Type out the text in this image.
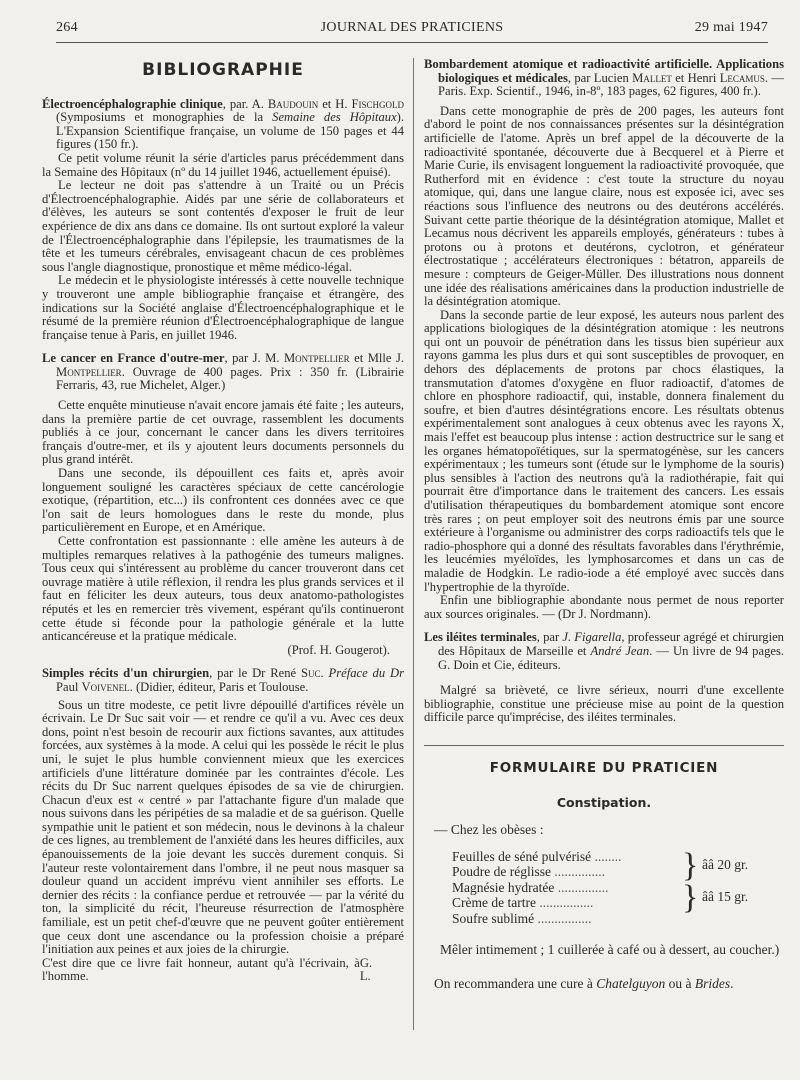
264	JOURNAL DES PRATICIENS	29 mai 1947
BIBLIOGRAPHIE

Électroencéphalographie clinique, par. A. Baudouin et H. Fischgold (Symposiums et monographies de la Semaine des Hôpitaux). L'Expansion Scientifique française, un volume de 150 pages et 44 figures (150 fr.).

Ce petit volume réunit la série d'articles parus précédemment dans la Semaine des Hôpitaux (nº du 14 juillet 1946, actuellement épuisé).

Le lecteur ne doit pas s'attendre à un Traité ou un Précis d'Électroencéphalographie. Aidés par une série de collaborateurs et d'élèves, les auteurs se sont contentés d'exposer le fruit de leur expérience de dix ans dans ce domaine. Ils ont surtout exploré la valeur de l'Électroencéphalographie dans l'épilepsie, les traumatismes de la tête et les tumeurs cérébrales, envisageant chacun de ces problèmes sous l'angle diagnostique, pronostique et même médico-légal.

Le médecin et le physiologiste intéressés à cette nouvelle technique y trouveront une ample bibliographie française et étrangère, des indications sur la Société anglaise d'Électroencéphalographique et le résumé de la première réunion d'Électroencéphalographique de langue française tenue à Paris, en juillet 1946.

Le cancer en France d'outre-mer, par J. M. Montpellier et Mlle J. Montpellier. Ouvrage de 400 pages. Prix : 350 fr. (Librairie Ferraris, 43, rue Michelet, Alger.)

Cette enquête minutieuse n'avait encore jamais été faite ; les auteurs, dans la première partie de cet ouvrage, rassemblent les documents publiés à ce jour, concernant le cancer dans les divers territoires français d'outre-mer, et ils y ajoutent leurs documents personnels du plus grand intérêt.

Dans une seconde, ils dépouillent ces faits et, après avoir longuement souligné les caractères spéciaux de cette cancérologie exotique, (répartition, etc...) ils confrontent ces données avec ce que l'on sait de leurs homologues dans le reste du monde, plus particulièrement en Europe, et en Amérique.

Cette confrontation est passionnante : elle amène les auteurs à de multiples remarques relatives à la pathogénie des tumeurs malignes. Tous ceux qui s'intéressent au problème du cancer trouveront dans cet ouvrage matière à utile réflexion, il rendra les plus grands services et il faut en féliciter les deux auteurs, tous deux anatomo-pathologistes réputés et les en remercier très vivement, espérant qu'ils continueront cette étude si féconde pour la pathologie générale et la lutte anticancéreuse et la pratique médicale.

(Prof. H. Gougerot).

Simples récits d'un chirurgien, par le Dr René Suc. Préface du Dr Paul Voivenel. (Didier, éditeur, Paris et Toulouse.

Sous un titre modeste, ce petit livre dépouillé d'artifices révèle un écrivain. Le Dr Suc sait voir — et rendre ce qu'il a vu. Avec ces deux dons, point n'est besoin de recourir aux fictions savantes, aux attitudes forcées, aux systèmes à la mode. A celui qui les possède le récit le plus uni, le sujet le plus humble conviennent mieux que les exercices artificiels d'une littérature dominée par les contraintes d'école. Les récits du Dr Suc narrent quelques épisodes de sa vie de chirurgien. Chacun d'eux est « centré » par l'attachante figure d'un malade que nous suivons dans les péripéties de sa maladie et de sa guérison. Quelle sympathie unit le patient et son médecin, nous le devinons à la chaleur de ces lignes, au tremblement de l'anxiété dans les heures difficiles, aux épanouissements de la joie devant les succès durement conquis. Si l'auteur reste volontairement dans l'ombre, il ne peut nous masquer sa douleur quand un accident imprévu vient annihiler ses efforts. Le dernier des récits : la confiance perdue et retrouvée — par la vérité du ton, la simplicité du récit, l'heureuse résurrection de l'atmosphère familiale, est un petit chef-d'œuvre que ne peuvent goûter entièrement que ceux dont une ascendance ou la profession choisie a préparé l'initiation aux peines et aux joies de la chirurgie.

C'est dire que ce livre fait honneur, autant qu'à l'écrivain, à l'homme.
G. L.

Bombardement atomique et radioactivité artificielle. Applications biologiques et médicales, par Lucien Mallet et Henri Lecamus. — Paris. Exp. Scientif., 1946, in-8º, 183 pages, 62 figures, 400 fr.).

Dans cette monographie de près de 200 pages, les auteurs font d'abord le point de nos connaissances présentes sur la désintégration artificielle de l'atome. Après un bref appel de la découverte de la radioactivité spontanée, découverte due à Becquerel et à Pierre et Marie Curie, ils envisagent longuement la radioactivité provoquée, que Rutherford mit en évidence : c'est toute la structure du noyau atomique, qui, dans une langue claire, nous est exposée ici, avec ses réactions sous l'influence des neutrons ou des deutérons accélérés. Suivant cette partie théorique de la désintégration atomique, Mallet et Lecamus nous décrivent les appareils employés, générateurs : tubes à protons ou à protons et deutérons, cyclotron, et générateur électrostatique ; accélérateurs électroniques : bétatron, appareils de mesure : compteurs de Geiger-Müller. Des illustrations nous donnent une idée des réalisations américaines dans la production industrielle de la désintégration atomique.

Dans la seconde partie de leur exposé, les auteurs nous parlent des applications biologiques de la désintégration atomique : les neutrons qui ont un pouvoir de pénétration dans les tissus bien supérieur aux rayons gamma les plus durs et qui sont susceptibles de provoquer, en dehors des déplacements de protons par chocs élastiques, la transmutation d'atomes d'oxygène en fluor radioactif, d'atomes de chlore en phosphore radioactif, qui, instable, donnera finalement du soufre, et bien d'autres désintégrations encore. Les résultats obtenus expérimentalement sont analogues à ceux obtenus avec les rayons X, mais l'effet est beaucoup plus intense : action destructrice sur le sang et les organes hématopoïétiques, sur la spermatogénèse, sur les cancers expérimentaux ; les tumeurs sont (étude sur le lymphome de la souris) plus sensibles à l'action des neutrons qu'à la radiothérapie, fait qui pourrait être d'importance dans le traitement des cancers. Les essais d'utilisation thérapeutiques du bombardement atomique sont encore très rares ; on peut employer soit des neutrons émis par une source extérieure à l'organisme ou administrer des corps radioactifs tels que le radio-phosphore qui a donné des résultats favorables dans l'érythrémie, les leucémies myéloïdes, les lymphosarcomes et dans un cas de maladie de Hodgkin. Le radio-iode a été employé avec succès dans l'hypertrophie de la thyroïde.

Enfin une bibliographie abondante nous permet de nous reporter aux sources originales. — (Dr J. Nordmann).

Les iléites terminales, par J. Figarella, professeur agrégé et chirurgien des Hôpitaux de Marseille et André Jean. — Un livre de 94 pages. G. Doin et Cie, éditeurs.

Malgré sa brièveté, ce livre sérieux, nourri d'une excellente bibliographie, constitue une précieuse mise au point de la question difficile parce qu'imprécise, des iléites terminales.

FORMULAIRE DU PRATICIEN
Constipation.

— Chez les obèses :

Feuilles de séné pulvérisé ........
Poudre de réglisse ...............
Magnésie hydratée ...............
Crème de tartre ................
Soufre sublimé ................
} ââ 20 gr.
} ââ 15 gr.

Mêler intimement ; 1 cuillerée à café ou à dessert, au coucher.)

On recommandera une cure à Chatelguyon ou à Brides.
